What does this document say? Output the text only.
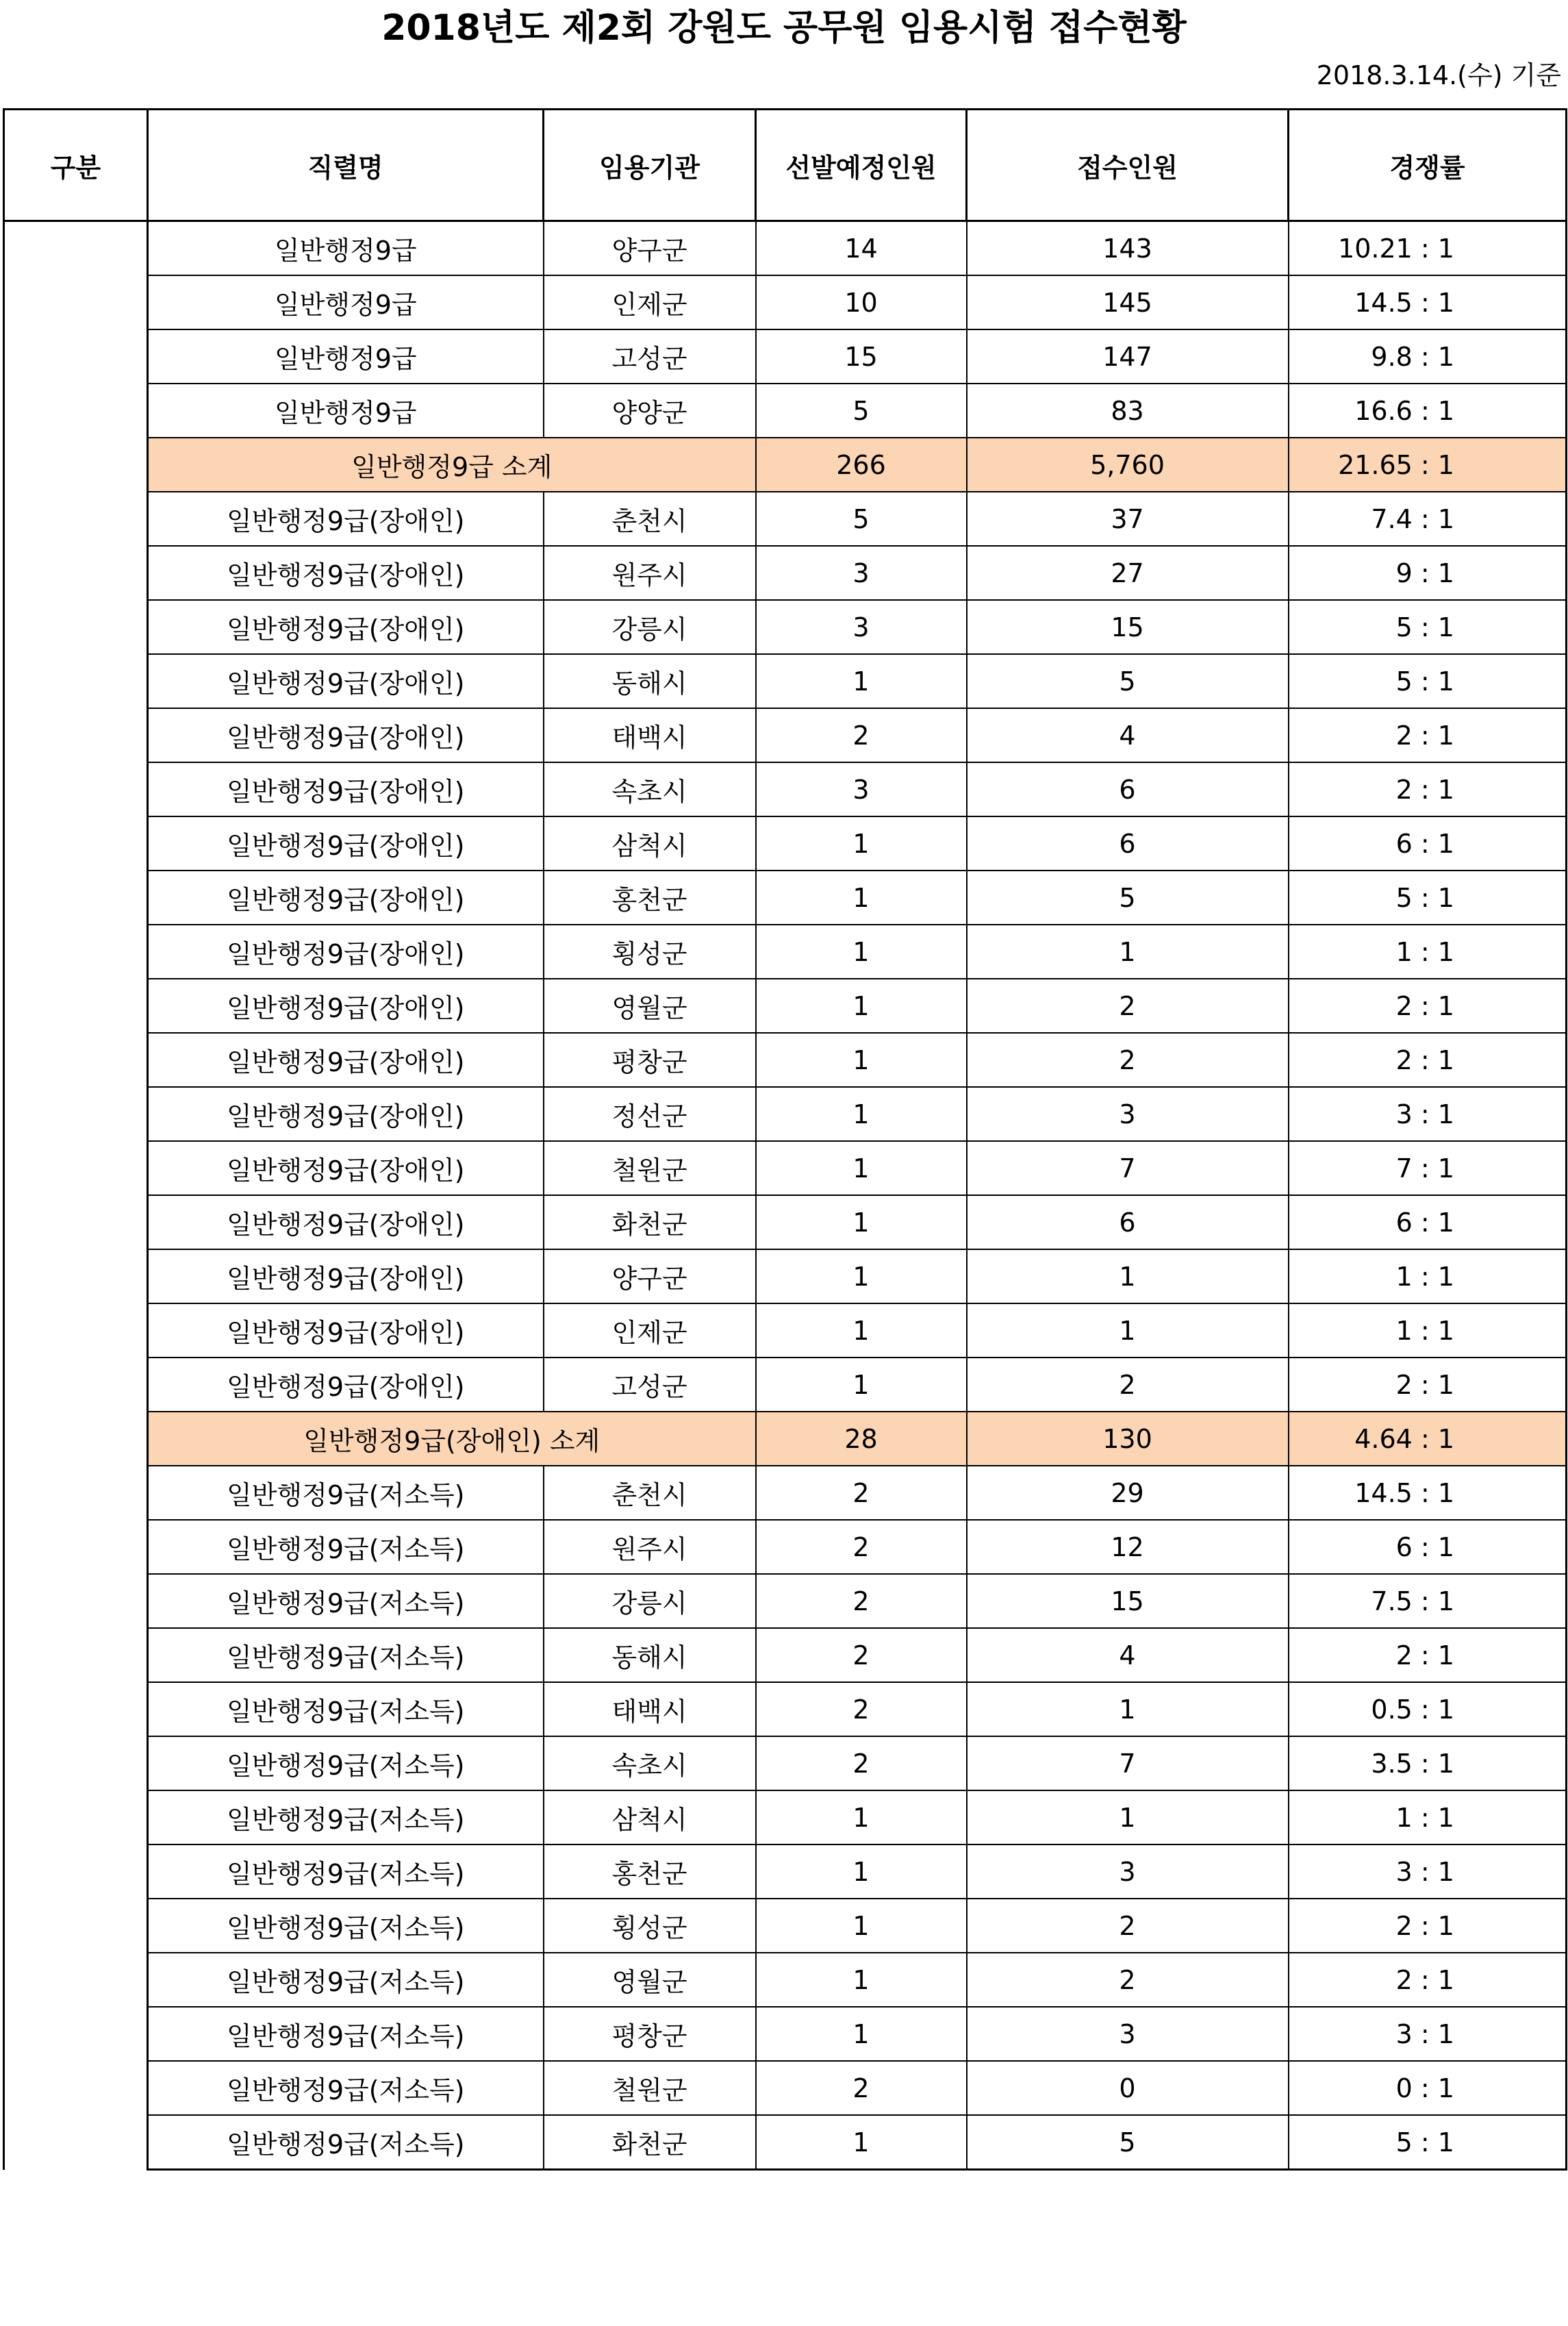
2018년도 제2회 강원도 공무원 임용시험 접수현황
2018.3.14.(수) 기준
구분	직렬명	임용기관	선발예정인원	접수인원	경쟁률
	일반행정9급	양구군	14	143	10.21 : 1
	일반행정9급	인제군	10	145	14.5 : 1
	일반행정9급	고성군	15	147	9.8 : 1
	일반행정9급	양양군	5	83	16.6 : 1
	일반행정9급 소계		266	5,760	21.65 : 1
	일반행정9급(장애인)	춘천시	5	37	7.4 : 1
	일반행정9급(장애인)	원주시	3	27	9 : 1
	일반행정9급(장애인)	강릉시	3	15	5 : 1
	일반행정9급(장애인)	동해시	1	5	5 : 1
	일반행정9급(장애인)	태백시	2	4	2 : 1
	일반행정9급(장애인)	속초시	3	6	2 : 1
	일반행정9급(장애인)	삼척시	1	6	6 : 1
	일반행정9급(장애인)	홍천군	1	5	5 : 1
	일반행정9급(장애인)	횡성군	1	1	1 : 1
	일반행정9급(장애인)	영월군	1	2	2 : 1
	일반행정9급(장애인)	평창군	1	2	2 : 1
	일반행정9급(장애인)	정선군	1	3	3 : 1
	일반행정9급(장애인)	철원군	1	7	7 : 1
	일반행정9급(장애인)	화천군	1	6	6 : 1
	일반행정9급(장애인)	양구군	1	1	1 : 1
	일반행정9급(장애인)	인제군	1	1	1 : 1
	일반행정9급(장애인)	고성군	1	2	2 : 1
	일반행정9급(장애인) 소계		28	130	4.64 : 1
	일반행정9급(저소득)	춘천시	2	29	14.5 : 1
	일반행정9급(저소득)	원주시	2	12	6 : 1
	일반행정9급(저소득)	강릉시	2	15	7.5 : 1
	일반행정9급(저소득)	동해시	2	4	2 : 1
	일반행정9급(저소득)	태백시	2	1	0.5 : 1
	일반행정9급(저소득)	속초시	2	7	3.5 : 1
	일반행정9급(저소득)	삼척시	1	1	1 : 1
	일반행정9급(저소득)	홍천군	1	3	3 : 1
	일반행정9급(저소득)	횡성군	1	2	2 : 1
	일반행정9급(저소득)	영월군	1	2	2 : 1
	일반행정9급(저소득)	평창군	1	3	3 : 1
	일반행정9급(저소득)	철원군	2	0	0 : 1
	일반행정9급(저소득)	화천군	1	5	5 : 1
